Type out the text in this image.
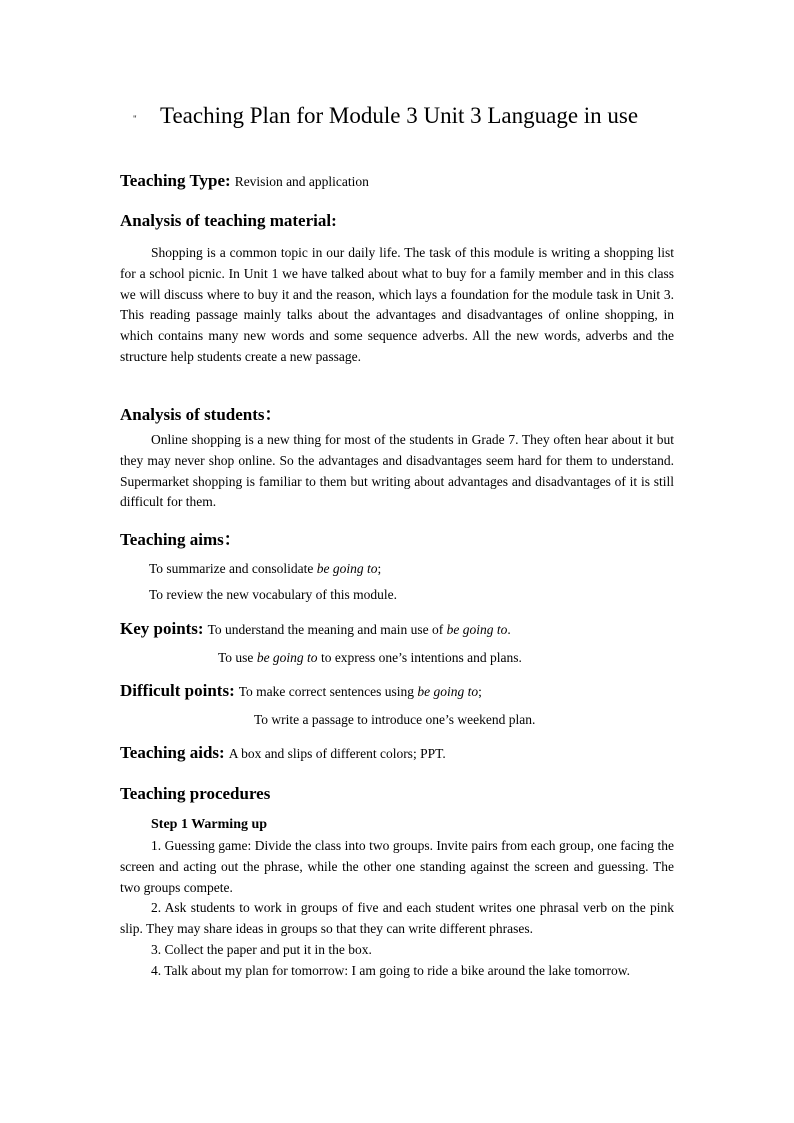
" Teaching Plan for Module 3 Unit 3 Language in use
Teaching Type: Revision and application
Analysis of teaching material:

Shopping is a common topic in our daily life. The task of this module is writing a shopping list for a school picnic. In Unit 1 we have talked about what to buy for a family member and in this class we will discuss where to buy it and the reason, which lays a foundation for the module task in Unit 3. This reading passage mainly talks about the advantages and disadvantages of online shopping, in which contains many new words and some sequence adverbs. All the new words, adverbs and the structure help students create a new passage.

Analysis of students：

Online shopping is a new thing for most of the students in Grade 7. They often hear about it but they may never shop online. So the advantages and disadvantages seem hard for them to understand. Supermarket shopping is familiar to them but writing about advantages and disadvantages of it is still difficult for them.

Teaching aims：
To summarize and consolidate be going to;
To review the new vocabulary of this module.
Key points: To understand the meaning and main use of be going to.
To use be going to to express one’s intentions and plans.
Difficult points: To make correct sentences using be going to;
To write a passage to introduce one’s weekend plan.
Teaching aids: A box and slips of different colors; PPT.
Teaching procedures
Step 1 Warming up

1. Guessing game: Divide the class into two groups. Invite pairs from each group, one facing the screen and acting out the phrase, while the other one standing against the screen and guessing. The two groups compete.

2. Ask students to work in groups of five and each student writes one phrasal verb on the pink slip. They may share ideas in groups so that they can write different phrases.

3. Collect the paper and put it in the box.

4. Talk about my plan for tomorrow: I am going to ride a bike around the lake tomorrow.
